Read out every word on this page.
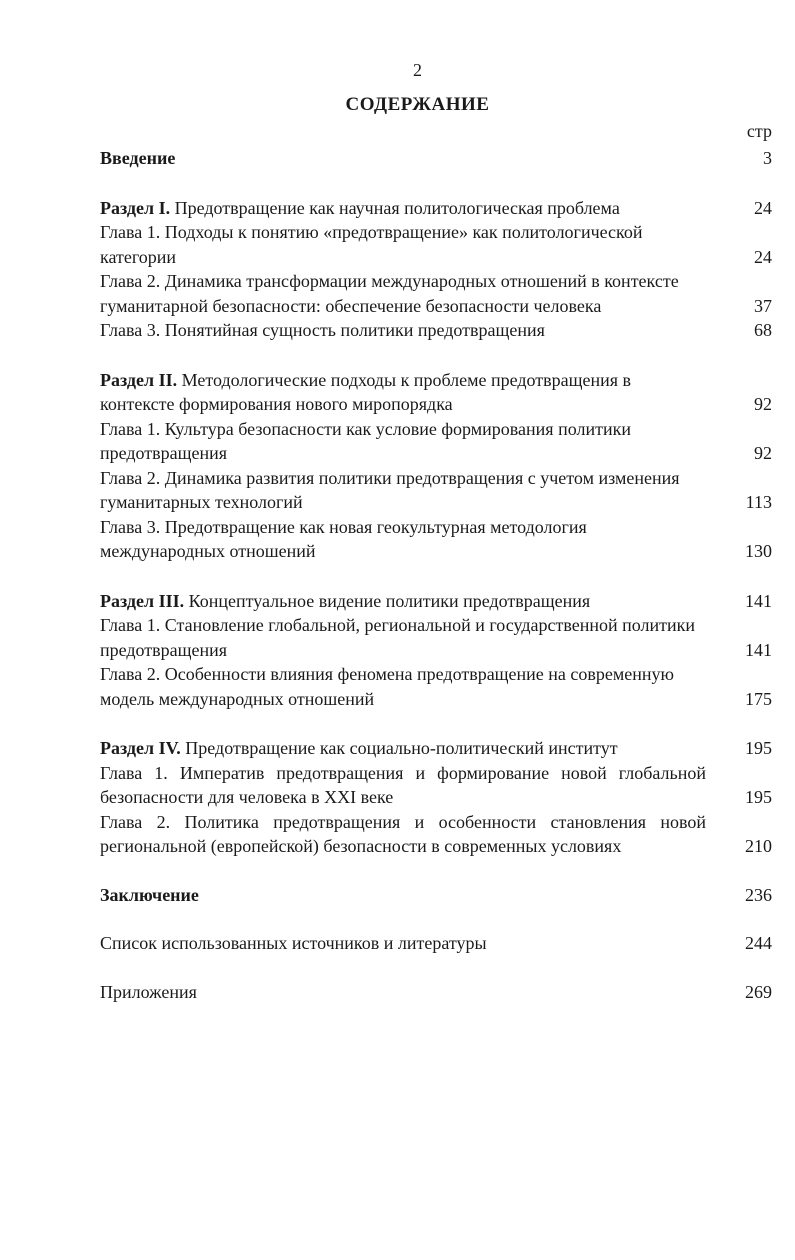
2
СОДЕРЖАНИЕ
стр
Введение	3
Раздел I. Предотвращение как научная политологическая проблема	24
Глава 1. Подходы к понятию «предотвращение» как политологической категории	24
Глава 2. Динамика трансформации международных отношений в контексте гуманитарной безопасности: обеспечение безопасности человека	37
Глава 3. Понятийная сущность политики предотвращения	68
Раздел II. Методологические подходы к проблеме предотвращения в контексте формирования нового миропорядка	92
Глава 1. Культура безопасности как условие формирования политики предотвращения	92
Глава 2. Динамика развития политики предотвращения с учетом изменения гуманитарных технологий	113
Глава 3. Предотвращение как новая геокультурная методология международных отношений	130
Раздел III. Концептуальное видение политики предотвращения	141
Глава 1. Становление глобальной, региональной и государственной политики предотвращения	141
Глава 2. Особенности влияния феномена предотвращение на современную модель международных отношений	175
Раздел IV. Предотвращение как социально-политический институт	195
Глава 1. Императив предотвращения и формирование новой глобальной безопасности для человека в XXI веке	195
Глава 2. Политика предотвращения и особенности становления новой региональной (европейской) безопасности в современных условиях	210
Заключение	236
Список использованных источников и литературы	244
Приложения	269
